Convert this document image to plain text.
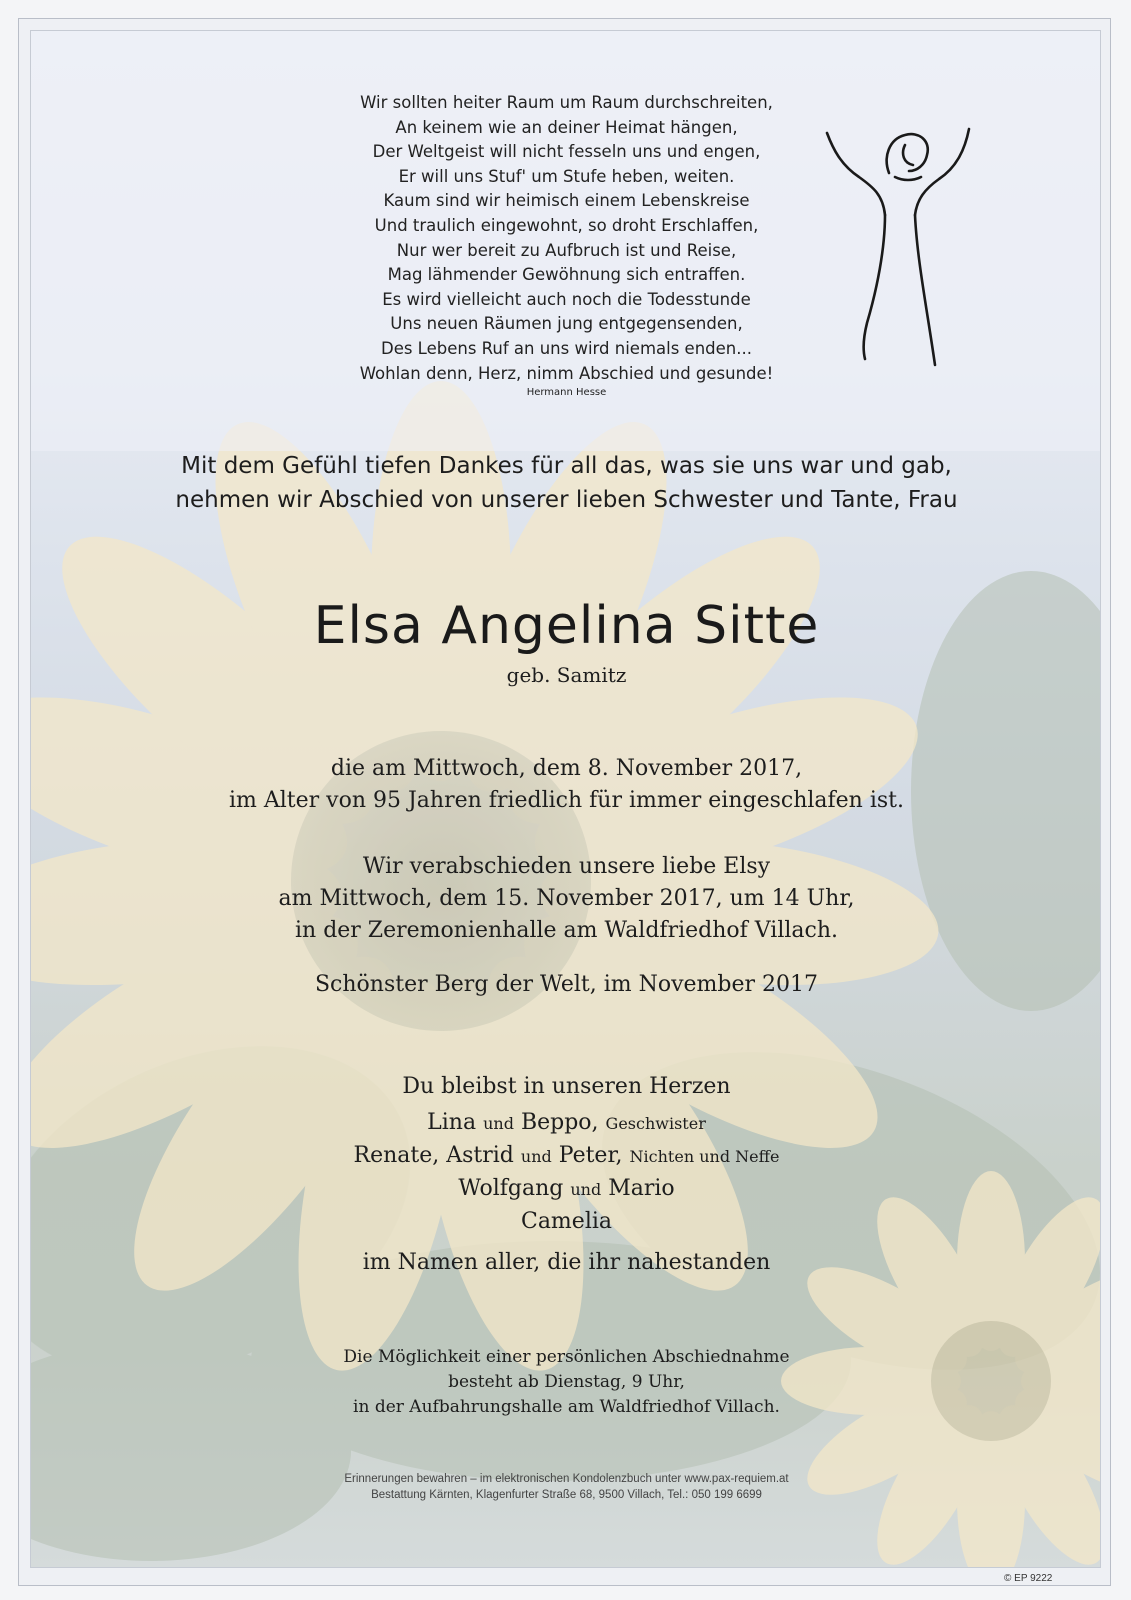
Wir sollten heiter Raum um Raum durchschreiten,
An keinem wie an deiner Heimat hängen,
Der Weltgeist will nicht fesseln uns und engen,
Er will uns Stuf' um Stufe heben, weiten.
Kaum sind wir heimisch einem Lebenskreise
Und traulich eingewohnt, so droht Erschlaffen,
Nur wer bereit zu Aufbruch ist und Reise,
Mag lähmender Gewöhnung sich entraffen.
Es wird vielleicht auch noch die Todesstunde
Uns neuen Räumen jung entgegensenden,
Des Lebens Ruf an uns wird niemals enden...
Wohlan denn, Herz, nimm Abschied und gesunde!
Hermann Hesse
Mit dem Gefühl tiefen Dankes für all das, was sie uns war und gab,
nehmen wir Abschied von unserer lieben Schwester und Tante, Frau
Elsa Angelina Sitte
geb. Samitz
die am Mittwoch, dem 8. November 2017,
im Alter von 95 Jahren friedlich für immer eingeschlafen ist.
Wir verabschieden unsere liebe Elsy
am Mittwoch, dem 15. November 2017, um 14 Uhr,
in der Zeremonienhalle am Waldfriedhof Villach.
Schönster Berg der Welt, im November 2017
Du bleibst in unseren Herzen
Lina und Beppo, Geschwister
Renate, Astrid und Peter, Nichten und Neffe
Wolfgang und Mario
Camelia
im Namen aller, die ihr nahestanden
Die Möglichkeit einer persönlichen Abschiednahme
besteht ab Dienstag, 9 Uhr,
in der Aufbahrungshalle am Waldfriedhof Villach.
Erinnerungen bewahren – im elektronischen Kondolenzbuch unter www.pax-requiem.at
Bestattung Kärnten, Klagenfurter Straße 68, 9500 Villach, Tel.: 050 199 6699
© EP 9222
